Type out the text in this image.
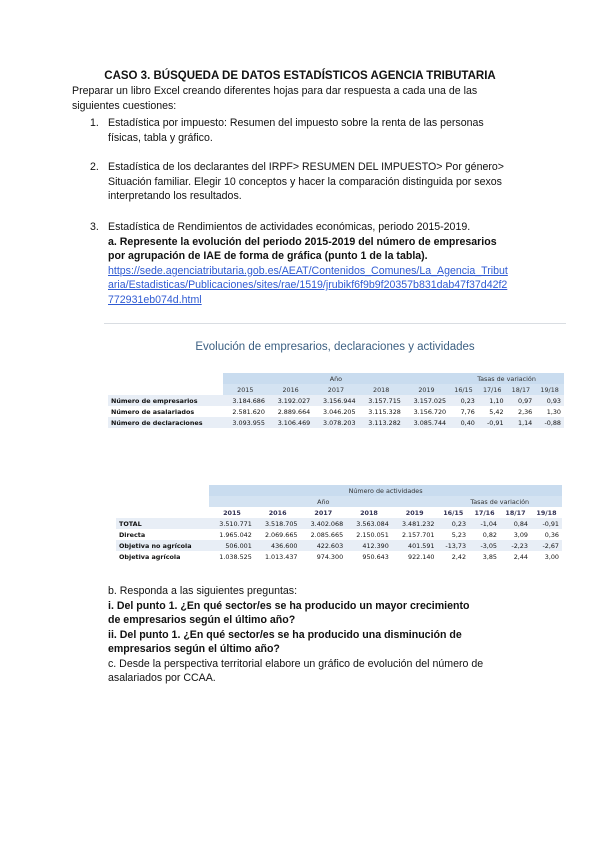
CASO 3. BÚSQUEDA DE DATOS ESTADÍSTICOS AGENCIA TRIBUTARIA
Preparar un libro Excel creando diferentes hojas para dar respuesta a cada una de las
siguientes cuestiones:
1. Estadística por impuesto: Resumen del impuesto sobre la renta de las personas
físicas, tabla y gráfico.
2. Estadística de los declarantes del IRPF> RESUMEN DEL IMPUESTO> Por género>
Situación familiar. Elegir 10 conceptos y hacer la comparación distinguida por sexos
interpretando los resultados.
3. Estadística de Rendimientos de actividades económicas, periodo 2015-2019.
a. Represente la evolución del periodo 2015-2019 del número de empresarios
por agrupación de IAE de forma de gráfica (punto 1 de la tabla).
https://sede.agenciatributaria.gob.es/AEAT/Contenidos_Comunes/La_Agencia_Tribut
aria/Estadisticas/Publicaciones/sites/rae/1519/jrubikf6f9b9f20357b831dab47f37d42f2
772931eb074d.html
Evolución de empresarios, declaraciones y actividades
	Año					Tasas de variación			
	2015	2016	2017	2018	2019	16/15	17/16	18/17	19/18
Número de empresarios	3.184.686	3.192.027	3.156.944	3.157.715	3.157.025	0,23	1,10	0,97	0,93
Número de asalariados	2.581.620	2.889.664	3.046.205	3.115.328	3.156.720	7,76	5,42	2,36	1,30
Número de declaraciones	3.093.955	3.106.469	3.078.203	3.113.282	3.085.744	0,40	-0,91	1,14	-0,88
	Número de actividades								
	Año					Tasas de variación			
	2015	2016	2017	2018	2019	16/15	17/16	18/17	19/18
TOTAL	3.510.771	3.518.705	3.402.068	3.563.084	3.481.232	0,23	-1,04	0,84	-0,91
Directa	1.965.042	2.069.665	2.085.665	2.150.051	2.157.701	5,23	0,82	3,09	0,36
Objetiva no agrícola	506.001	436.600	422.603	412.390	401.591	-13,73	-3,05	-2,23	-2,67
Objetiva agrícola	1.038.525	1.013.437	974.300	950.643	922.140	2,42	3,85	2,44	3,00
b. Responda a las siguientes preguntas:
i. Del punto 1. ¿En qué sector/es se ha producido un mayor crecimiento
de empresarios según el último año?
ii. Del punto 1. ¿En qué sector/es se ha producido una disminución de
empresarios según el último año?
c. Desde la perspectiva territorial elabore un gráfico de evolución del número de
asalariados por CCAA.
